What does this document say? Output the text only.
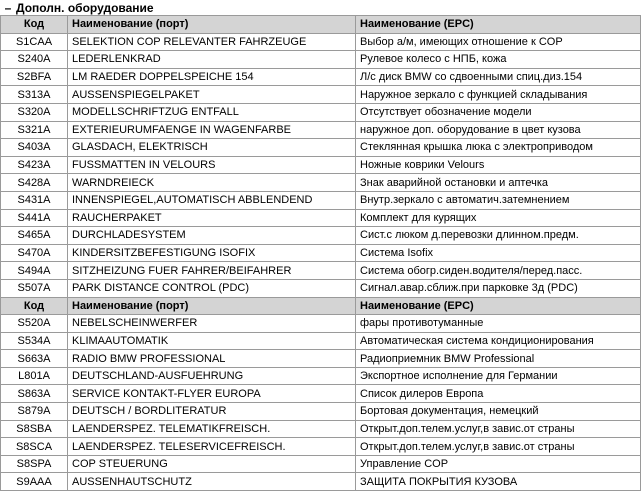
– Дополн. оборудование
Код	Наименование (порт)	Наименование (EPC)
S1CAA	SELEKTION COP RELEVANTER FAHRZEUGE	Выбор а/м, имеющих отношение к COP
S240A	LEDERLENKRAD	Рулевое колесо с НПБ, кожа
S2BFA	LM RAEDER DOPPELSPEICHE 154	Л/с диск BMW со сдвоенными спиц.диз.154
S313A	AUSSENSPIEGELPAKET	Наружное зеркало с функцией складывания
S320A	MODELLSCHRIFTZUG ENTFALL	Отсутствует обозначение модели
S321A	EXTERIEURUMFAENGE IN WAGENFARBE	наружное доп. оборудование в цвет кузова
S403A	GLASDACH, ELEKTRISCH	Стеклянная крышка люка с электроприводом
S423A	FUSSMATTEN IN VELOURS	Ножные коврики Velours
S428A	WARNDREIECK	Знак аварийной остановки и аптечка
S431A	INNENSPIEGEL,AUTOMATISCH ABBLENDEND	Внутр.зеркало с автоматич.затемнением
S441A	RAUCHERPAKET	Комплект для курящих
S465A	DURCHLADESYSTEM	Сист.с люком д.перевозки длинном.предм.
S470A	KINDERSITZBEFESTIGUNG ISOFIX	Система Isofix
S494A	SITZHEIZUNG FUER FAHRER/BEIFAHRER	Система обогр.сиден.водителя/перед.пасс.
S507A	PARK DISTANCE CONTROL (PDC)	Сигнал.авар.сближ.при парковке 3д (PDC)
Код	Наименование (порт)	Наименование (EPC)
S520A	NEBELSCHEINWERFER	фары противотуманные
S534A	KLIMAAUTOMATIK	Автоматическая система кондиционирования
S663A	RADIO BMW PROFESSIONAL	Радиоприемник BMW Professional
L801A	DEUTSCHLAND-AUSFUEHRUNG	Экспортное исполнение для Германии
S863A	SERVICE KONTAKT-FLYER EUROPA	Список дилеров Европа
S879A	DEUTSCH / BORDLITERATUR	Бортовая документация, немецкий
S8SBA	LAENDERSPEZ. TELEMATIKFREISCH.	Открыт.доп.телем.услуг,в завис.от страны
S8SCA	LAENDERSPEZ. TELESERVICEFREISCH.	Открыт.доп.телем.услуг,в завис.от страны
S8SPA	COP STEUERUNG	Управление COP
S9AAA	AUSSENHAUTSCHUTZ	ЗАЩИТА ПОКРЫТИЯ КУЗОВА
